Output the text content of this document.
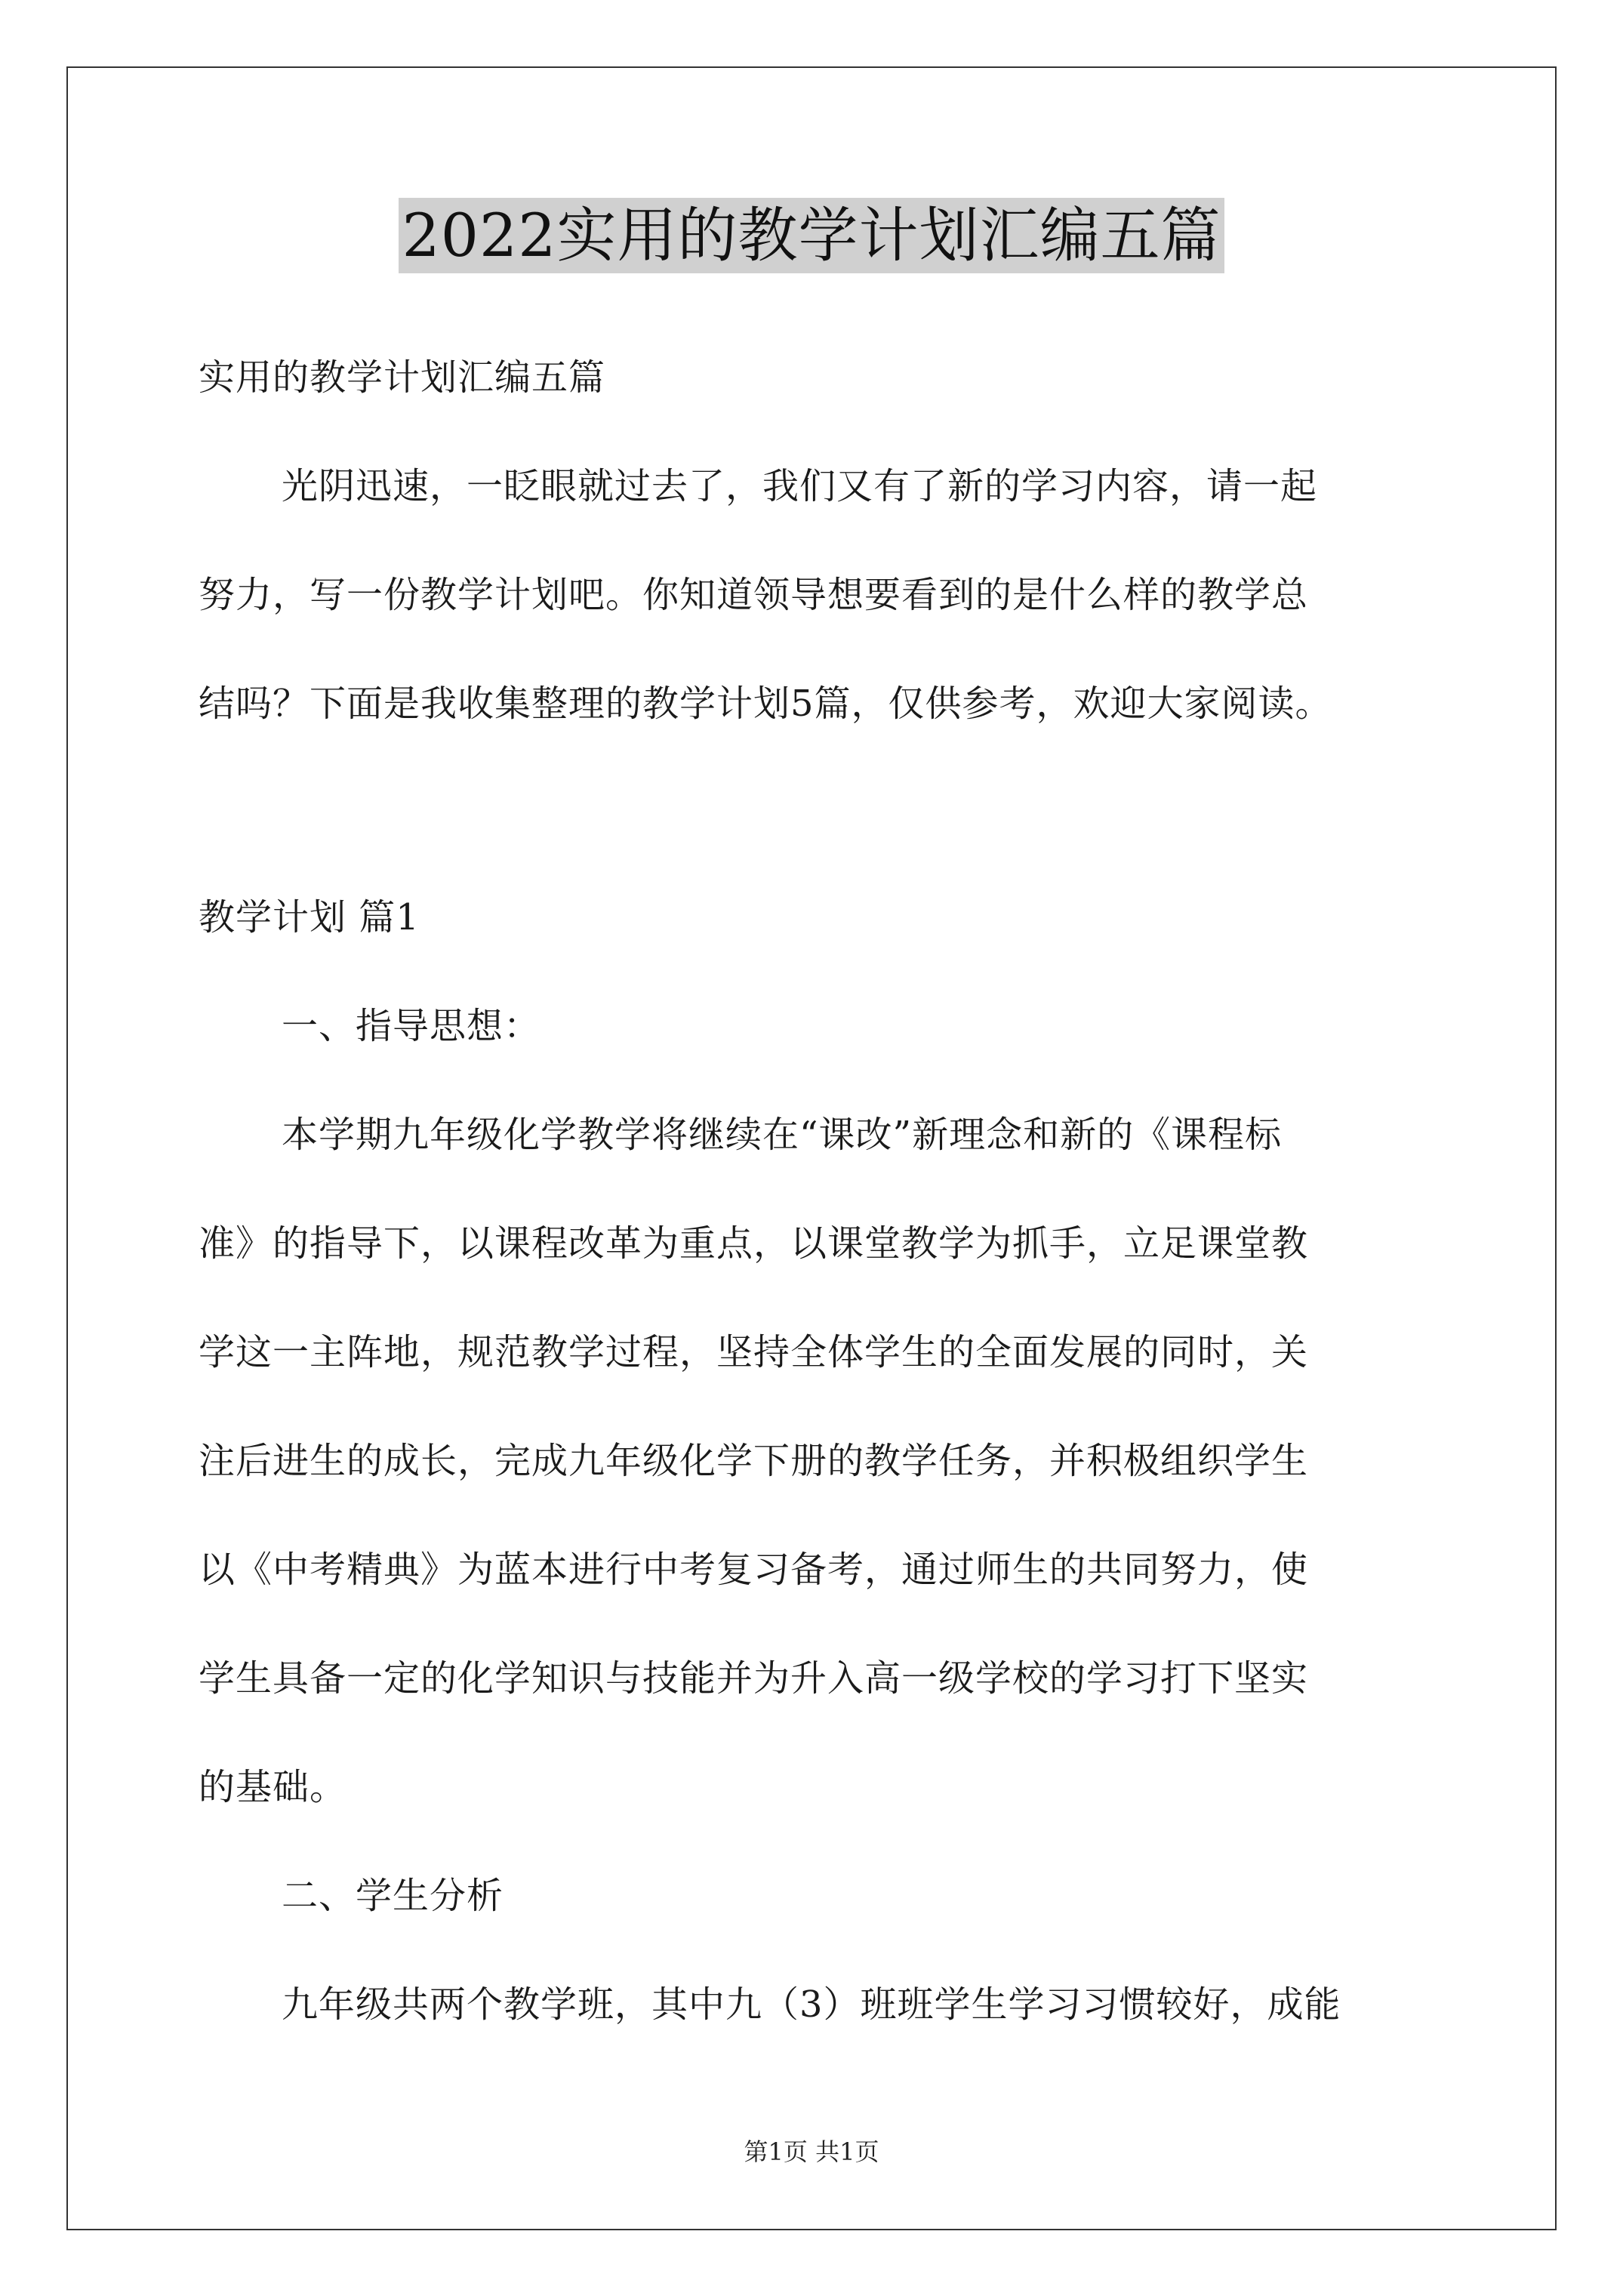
2022实用的教学计划汇编五篇
实用的教学计划汇编五篇
光阴迅速，一眨眼就过去了，我们又有了新的学习内容，请一起
努力，写一份教学计划吧。你知道领导想要看到的是什么样的教学总
结吗？下面是我收集整理的教学计划5篇，仅供参考，欢迎大家阅读。
教学计划 篇1
一、指导思想：
本学期九年级化学教学将继续在“课改”新理念和新的《课程标
准》的指导下，以课程改革为重点，以课堂教学为抓手，立足课堂教
学这一主阵地，规范教学过程，坚持全体学生的全面发展的同时，关
注后进生的成长，完成九年级化学下册的教学任务，并积极组织学生
以《中考精典》为蓝本进行中考复习备考，通过师生的共同努力，使
学生具备一定的化学知识与技能并为升入高一级学校的学习打下坚实
的基础。
二、学生分析
九年级共两个教学班，其中九（3）班班学生学习习惯较好，成能
第1页 共1页
